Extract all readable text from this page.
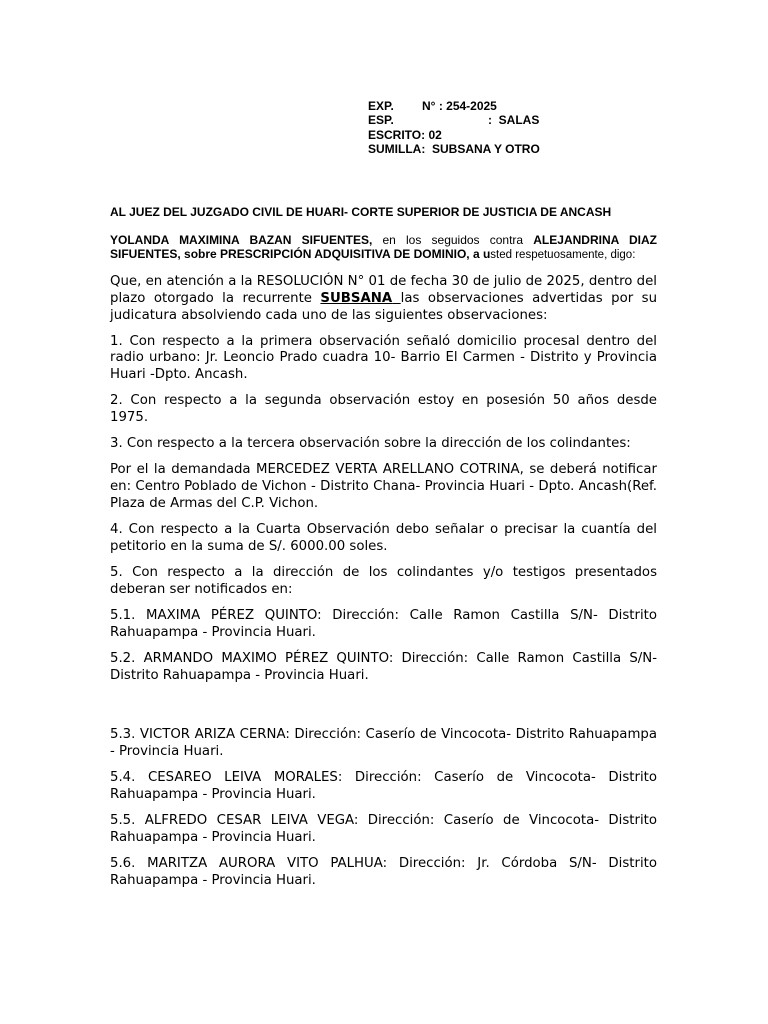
EXP. N° : 254-2025
ESP.	:  SALAS
ESCRITO: 02
SUMILLA:  SUBSANA Y OTRO
AL JUEZ DEL JUZGADO CIVIL DE HUARI- CORTE SUPERIOR DE JUSTICIA DE ANCASH
YOLANDA MAXIMINA BAZAN SIFUENTES, en los seguidos contra ALEJANDRINA DIAZ SIFUENTES, sobre PRESCRIPCIÓN ADQUISITIVA DE DOMINIO, a usted respetuosamente, digo:

Que, en atención a la RESOLUCIÓN N° 01 de fecha 30 de julio de 2025, dentro del plazo otorgado la recurrente SUBSANA las observaciones advertidas por su judicatura absolviendo cada uno de las siguientes observaciones:

1. Con respecto a la primera observación señaló domicilio procesal dentro del radio urbano: Jr. Leoncio Prado cuadra 10- Barrio El Carmen - Distrito y Provincia Huari -Dpto. Ancash.

2. Con respecto a la segunda observación estoy en posesión 50 años desde 1975.

3. Con respecto a la tercera observación sobre la dirección de los colindantes:

Por el la demandada MERCEDEZ VERTA ARELLANO COTRINA, se deberá notificar en: Centro Poblado de Vichon - Distrito Chana- Provincia Huari - Dpto. Ancash(Ref. Plaza de Armas del C.P. Vichon.

4. Con respecto a la Cuarta Observación debo señalar o precisar la cuantía del petitorio en la suma de S/. 6000.00 soles.

5. Con respecto a la dirección de los colindantes y/o testigos presentados deberan ser notificados en:

5.1. MAXIMA PÉREZ QUINTO: Dirección: Calle Ramon Castilla S/N- Distrito Rahuapampa - Provincia Huari.

5.2. ARMANDO MAXIMO PÉREZ QUINTO: Dirección: Calle Ramon Castilla S/N- Distrito Rahuapampa - Provincia Huari.

5.3. VICTOR ARIZA CERNA: Dirección: Caserío de Vincocota- Distrito Rahuapampa - Provincia Huari.

5.4. CESAREO LEIVA MORALES: Dirección: Caserío de Vincocota- Distrito Rahuapampa - Provincia Huari.

5.5. ALFREDO CESAR LEIVA VEGA: Dirección: Caserío de Vincocota- Distrito Rahuapampa - Provincia Huari.

5.6. MARITZA AURORA VITO PALHUA: Dirección: Jr. Córdoba S/N- Distrito Rahuapampa - Provincia Huari.
